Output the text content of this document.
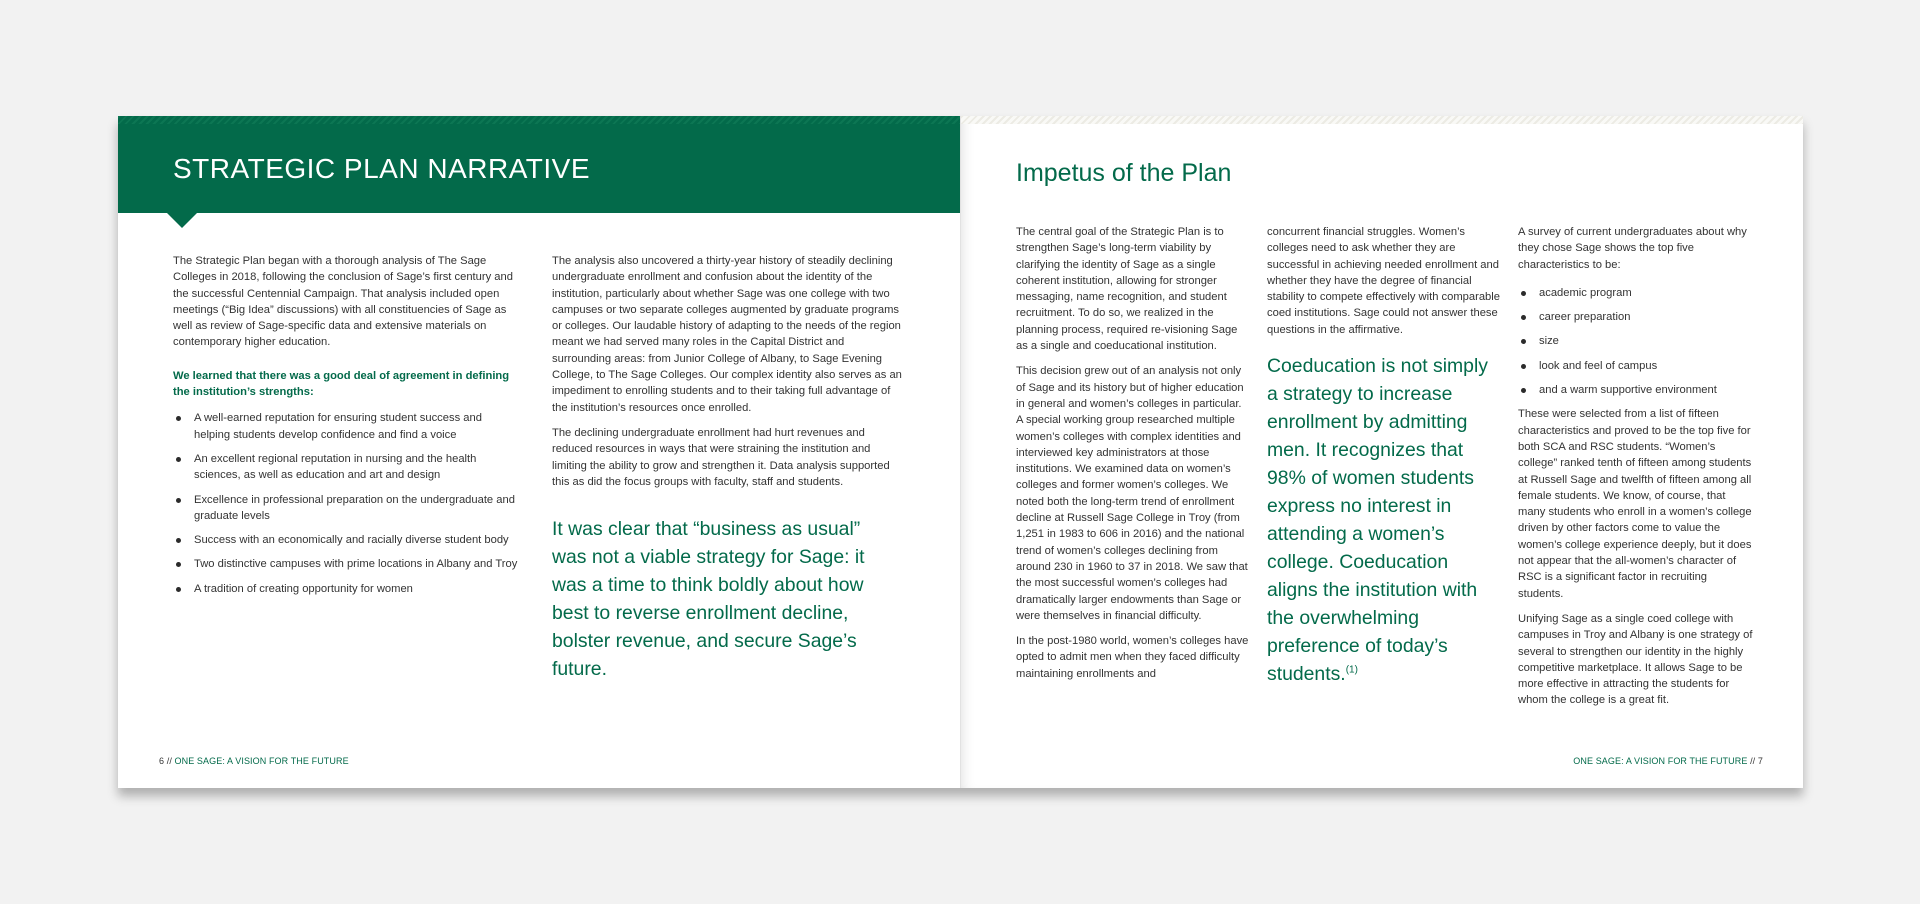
STRATEGIC PLAN NARRATIVE

The Strategic Plan began with a thorough analysis of The Sage Colleges in 2018, following the conclusion of Sage’s first century and the successful Centennial Campaign. That analysis included open meetings (“Big Idea” discussions) with all constituencies of Sage as well as review of Sage-specific data and extensive materials on contemporary higher education.

We learned that there was a good deal of agreement in defining the institution’s strengths:

A well-earned reputation for ensuring student success and helping students develop confidence and find a voice
An excellent regional reputation in nursing and the health sciences, as well as education and art and design
Excellence in professional preparation on the undergraduate and graduate levels
Success with an economically and racially diverse student body
Two distinctive campuses with prime locations in Albany and Troy
A tradition of creating opportunity for women

The analysis also uncovered a thirty-year history of steadily declining undergraduate enrollment and confusion about the identity of the institution, particularly about whether Sage was one college with two campuses or two separate colleges augmented by graduate programs or colleges. Our laudable history of adapting to the needs of the region meant we had served many roles in the Capital District and surrounding areas: from Junior College of Albany, to Sage Evening College, to The Sage Colleges. Our complex identity also serves as an impediment to enrolling students and to their taking full advantage of the institution’s resources once enrolled.

The declining undergraduate enrollment had hurt revenues and reduced resources in ways that were straining the institution and limiting the ability to grow and strengthen it. Data analysis supported this as did the focus groups with faculty, staff and students.

It was clear that “business as usual” was not a viable strategy for Sage: it was a time to think boldly about how best to reverse enrollment decline, bolster revenue, and secure Sage’s future.
6 // ONE SAGE: A VISION FOR THE FUTURE
Impetus of the Plan

The central goal of the Strategic Plan is to strengthen Sage’s long-term viability by clarifying the identity of Sage as a single coherent institution, allowing for stronger messaging, name recognition, and student recruitment. To do so, we realized in the planning process, required re-visioning Sage as a single and coeducational institution.

This decision grew out of an analysis not only of Sage and its history but of higher education in general and women’s colleges in particular. A special working group researched multiple women’s colleges with complex identities and interviewed key administrators at those institutions. We examined data on women’s colleges and former women’s colleges. We noted both the long-term trend of enrollment decline at Russell Sage College in Troy (from 1,251 in 1983 to 606 in 2016) and the national trend of women’s colleges declining from around 230 in 1960 to 37 in 2018. We saw that the most successful women’s colleges had dramatically larger endowments than Sage or were themselves in financial difficulty.

In the post-1980 world, women’s colleges have opted to admit men when they faced difficulty maintaining enrollments and

concurrent financial struggles. Women’s colleges need to ask whether they are successful in achieving needed enrollment and whether they have the degree of financial stability to compete effectively with comparable coed institutions. Sage could not answer these questions in the affirmative.

Coeducation is not simply a strategy to increase enrollment by admitting men. It recognizes that 98% of women students express no interest in attending a women’s college. Coeducation aligns the institution with the overwhelming preference of today’s students.$^{(1)}$

A survey of current undergraduates about why they chose Sage shows the top five characteristics to be:

academic program
career preparation
size
look and feel of campus
and a warm supportive environment

These were selected from a list of fifteen characteristics and proved to be the top five for both SCA and RSC students. “Women’s college” ranked tenth of fifteen among students at Russell Sage and twelfth of fifteen among all female students. We know, of course, that many students who enroll in a women’s college driven by other factors come to value the women’s college experience deeply, but it does not appear that the all-women’s character of RSC is a significant factor in recruiting students.

Unifying Sage as a single coed college with campuses in Troy and Albany is one strategy of several to strengthen our identity in the highly competitive marketplace. It allows Sage to be more effective in attracting the students for whom the college is a great fit.

ONE SAGE: A VISION FOR THE FUTURE // 7
